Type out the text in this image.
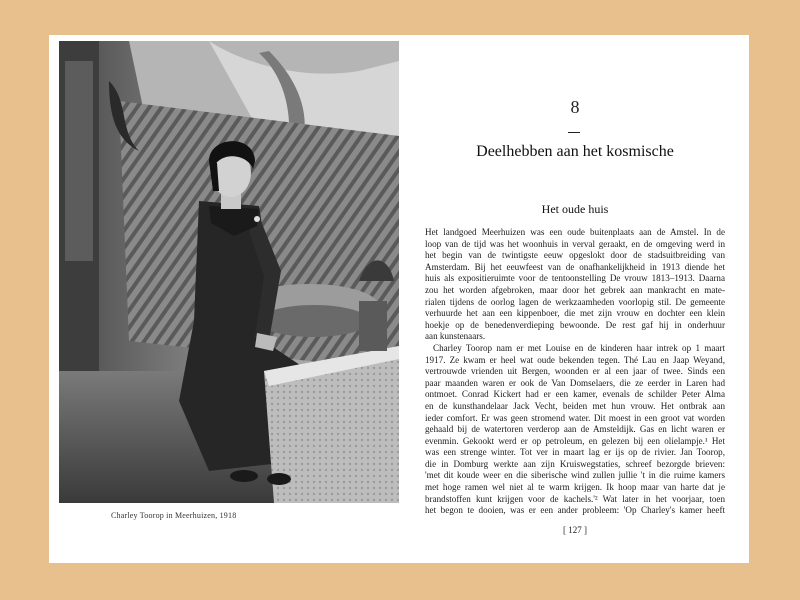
Charley Toorop in Meerhuizen, 1918
8
Deelhebben aan het kosmische
Het oude huis
Het landgoed Meerhuizen was een oude buitenplaats aan de Amstel. In de
loop van de tijd was het woonhuis in verval geraakt, en de omgeving werd in
het begin van de twintigste eeuw opgeslokt door de stadsuitbreiding van
Amsterdam. Bij het eeuwfeest van de onafhankelijkheid in 1913 diende het
huis als expositieruimte voor de tentoonstelling De vrouw 1813–1913. Daarna
zou het worden afgebroken, maar door het gebrek aan mankracht en mate-
rialen tijdens de oorlog lagen de werkzaamheden voorlopig stil. De gemeente
verhuurde het aan een kippenboer, die met zijn vrouw en dochter een klein
hoekje op de benedenverdieping bewoonde. De rest gaf hij in onderhuur
aan kunstenaars.
Charley Toorop nam er met Louise en de kinderen haar intrek op 1 maart
1917. Ze kwam er heel wat oude bekenden tegen. Thé Lau en Jaap Weyand,
vertrouwde vrienden uit Bergen, woonden er al een jaar of twee. Sinds een
paar maanden waren er ook de Van Domselaers, die ze eerder in Laren had
ontmoet. Conrad Kickert had er een kamer, evenals de schilder Peter Alma
en de kunsthandelaar Jack Vecht, beiden met hun vrouw. Het ontbrak aan
ieder comfort. Er was geen stromend water. Dit moest in een groot vat worden
gehaald bij de watertoren verderop aan de Amsteldijk. Gas en licht waren er
evenmin. Gekookt werd er op petroleum, en gelezen bij een olielampje.¹ Het
was een strenge winter. Tot ver in maart lag er ijs op de rivier. Jan Toorop,
die in Domburg werkte aan zijn Kruiswegstaties, schreef bezorgde brieven:
'met dit koude weer en die siberische wind zullen jullie 't in die ruime kamers
met hoge ramen wel niet al te warm krijgen. Ik hoop maar van harte dat je
brandstoffen kunt krijgen voor de kachels.'² Wat later in het voorjaar, toen
het begon te dooien, was er een ander probleem: 'Op Charley's kamer heeft
[ 127 ]
